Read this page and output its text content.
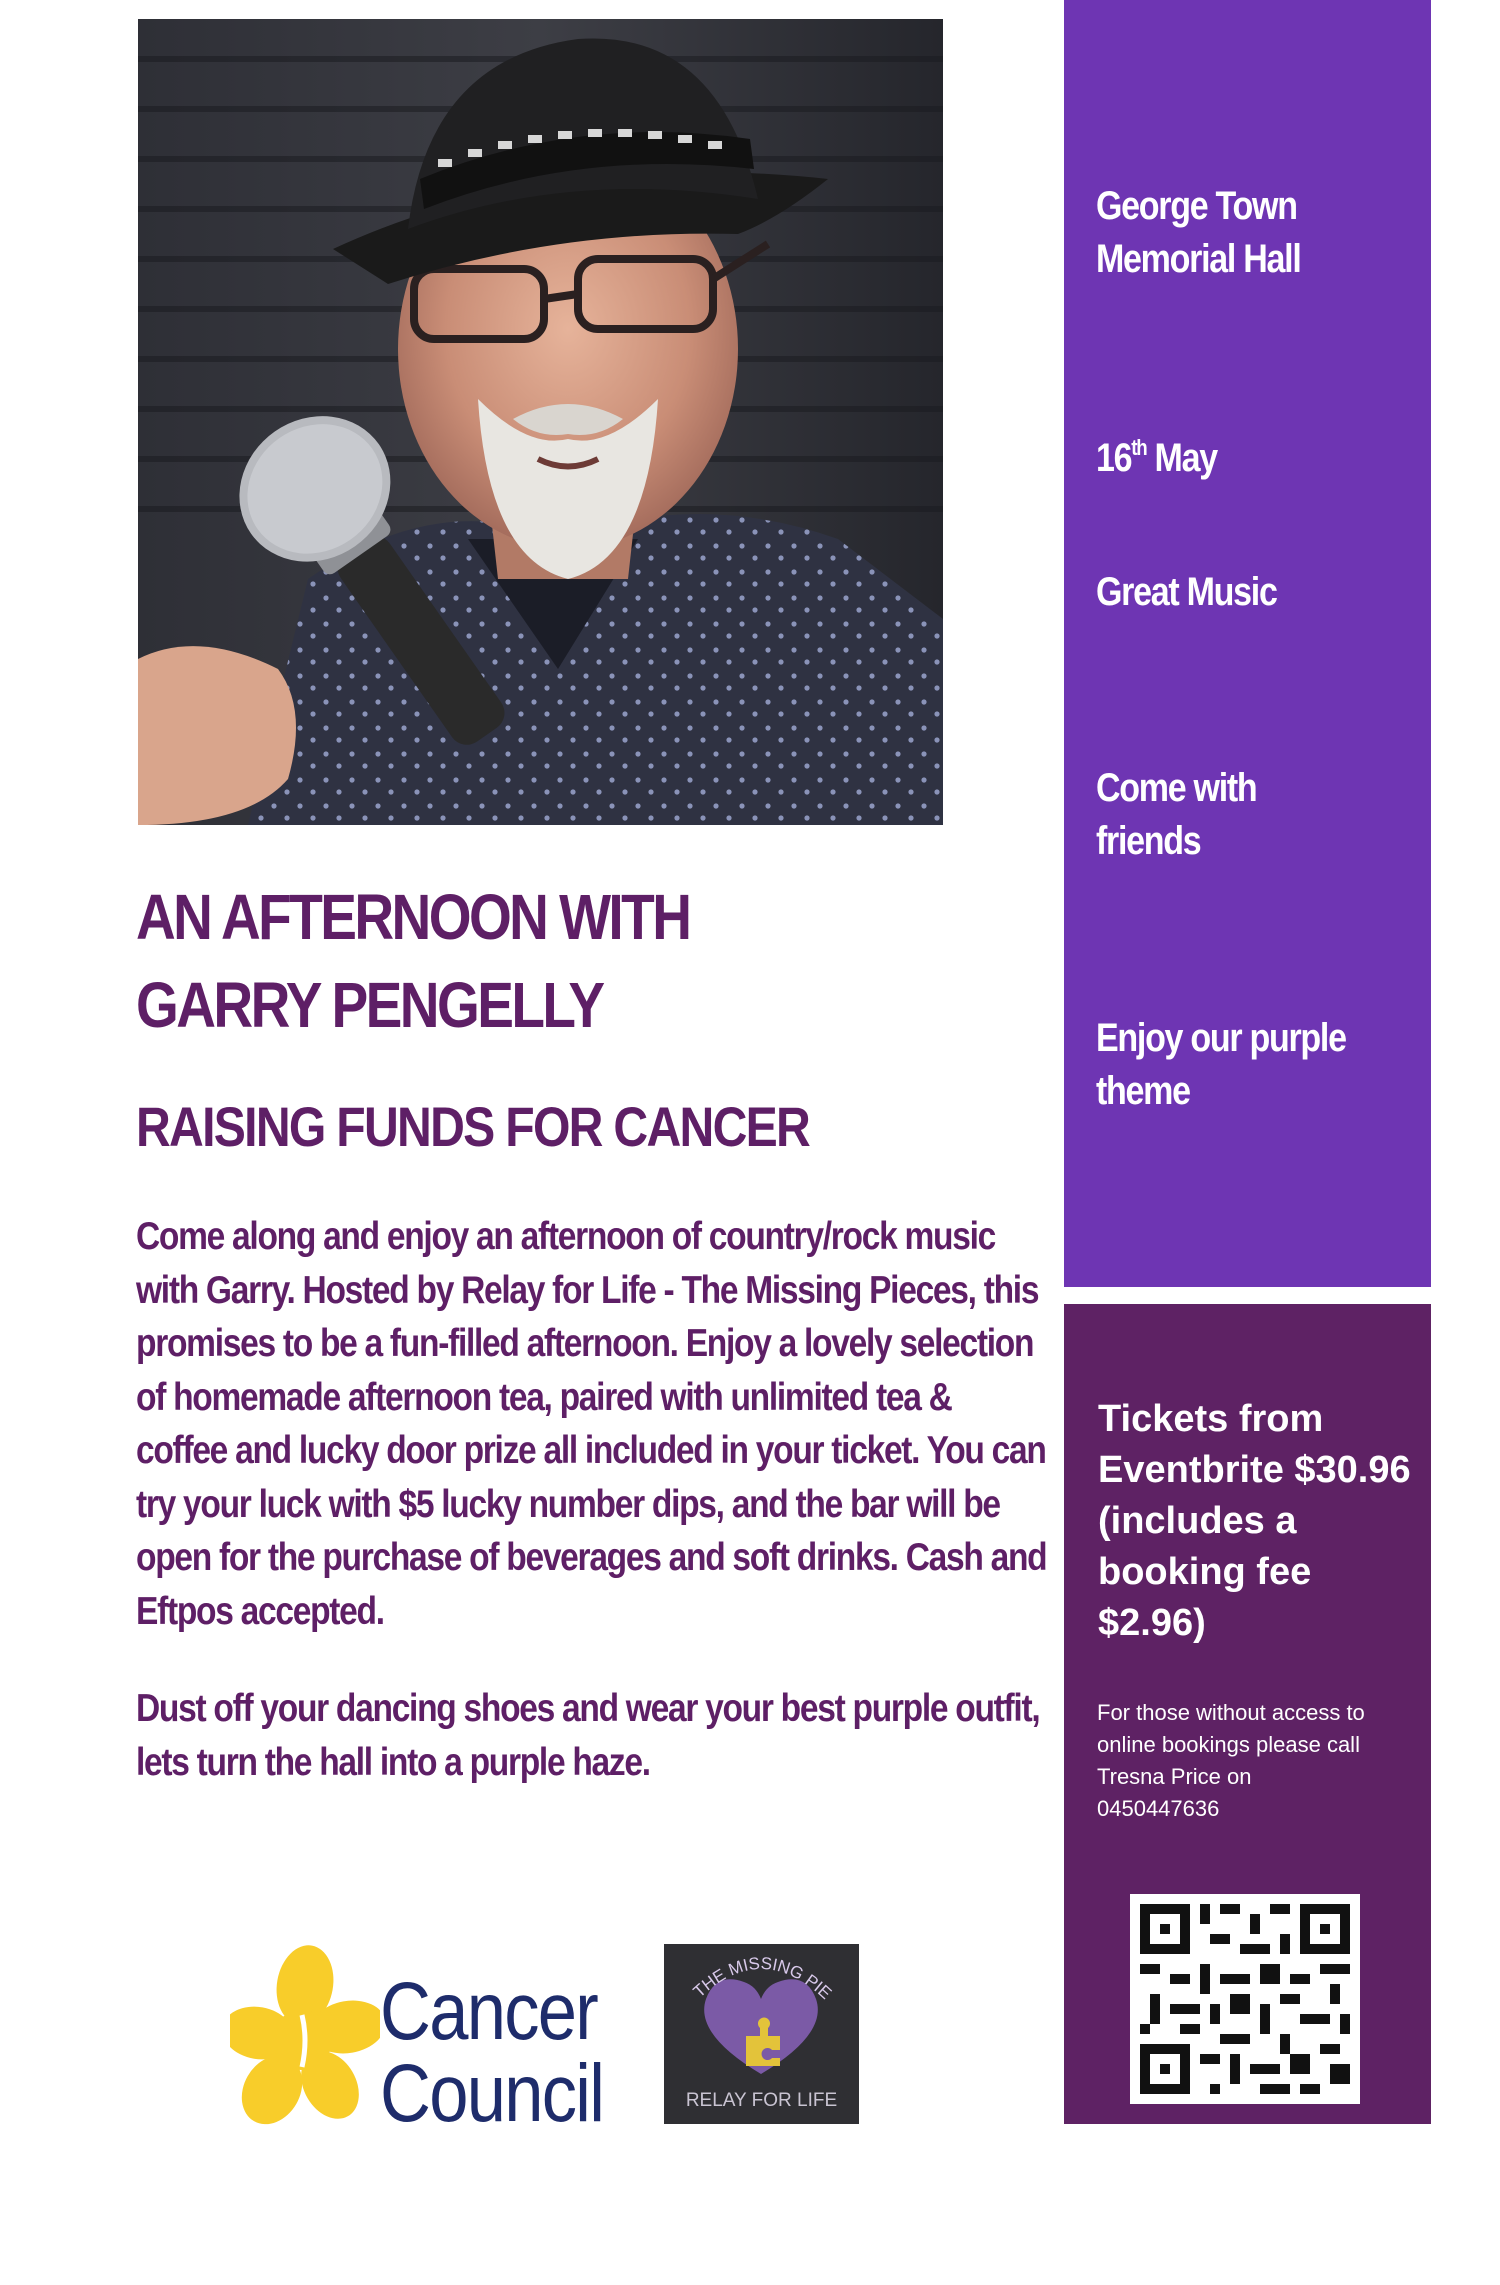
AN AFTERNOON WITH
GARRY PENGELLY
RAISING FUNDS FOR CANCER

Come along and enjoy an afternoon of country/rock music with Garry. Hosted by Relay for Life - The Missing Pieces, this promises to be a fun-filled afternoon. Enjoy a lovely selection of homemade afternoon tea, paired with unlimited tea & coffee and lucky door prize all included in your ticket. You can try your luck with $5 lucky number dips, and the bar will be open for the purchase of beverages and soft drinks. Cash and Eftpos accepted.

Dust off your dancing shoes and wear your best purple outfit, lets turn the hall into a purple haze.

George Town Memorial Hall
16th May
Great Music
Come with friends
Enjoy our purple theme
Tickets from Eventbrite $30.96 (includes a booking fee $2.96)
For those without access to online bookings please call Tresna Price on 0450447636
Cancer
Council
THE MISSING PIE
RELAY FOR LIFE
